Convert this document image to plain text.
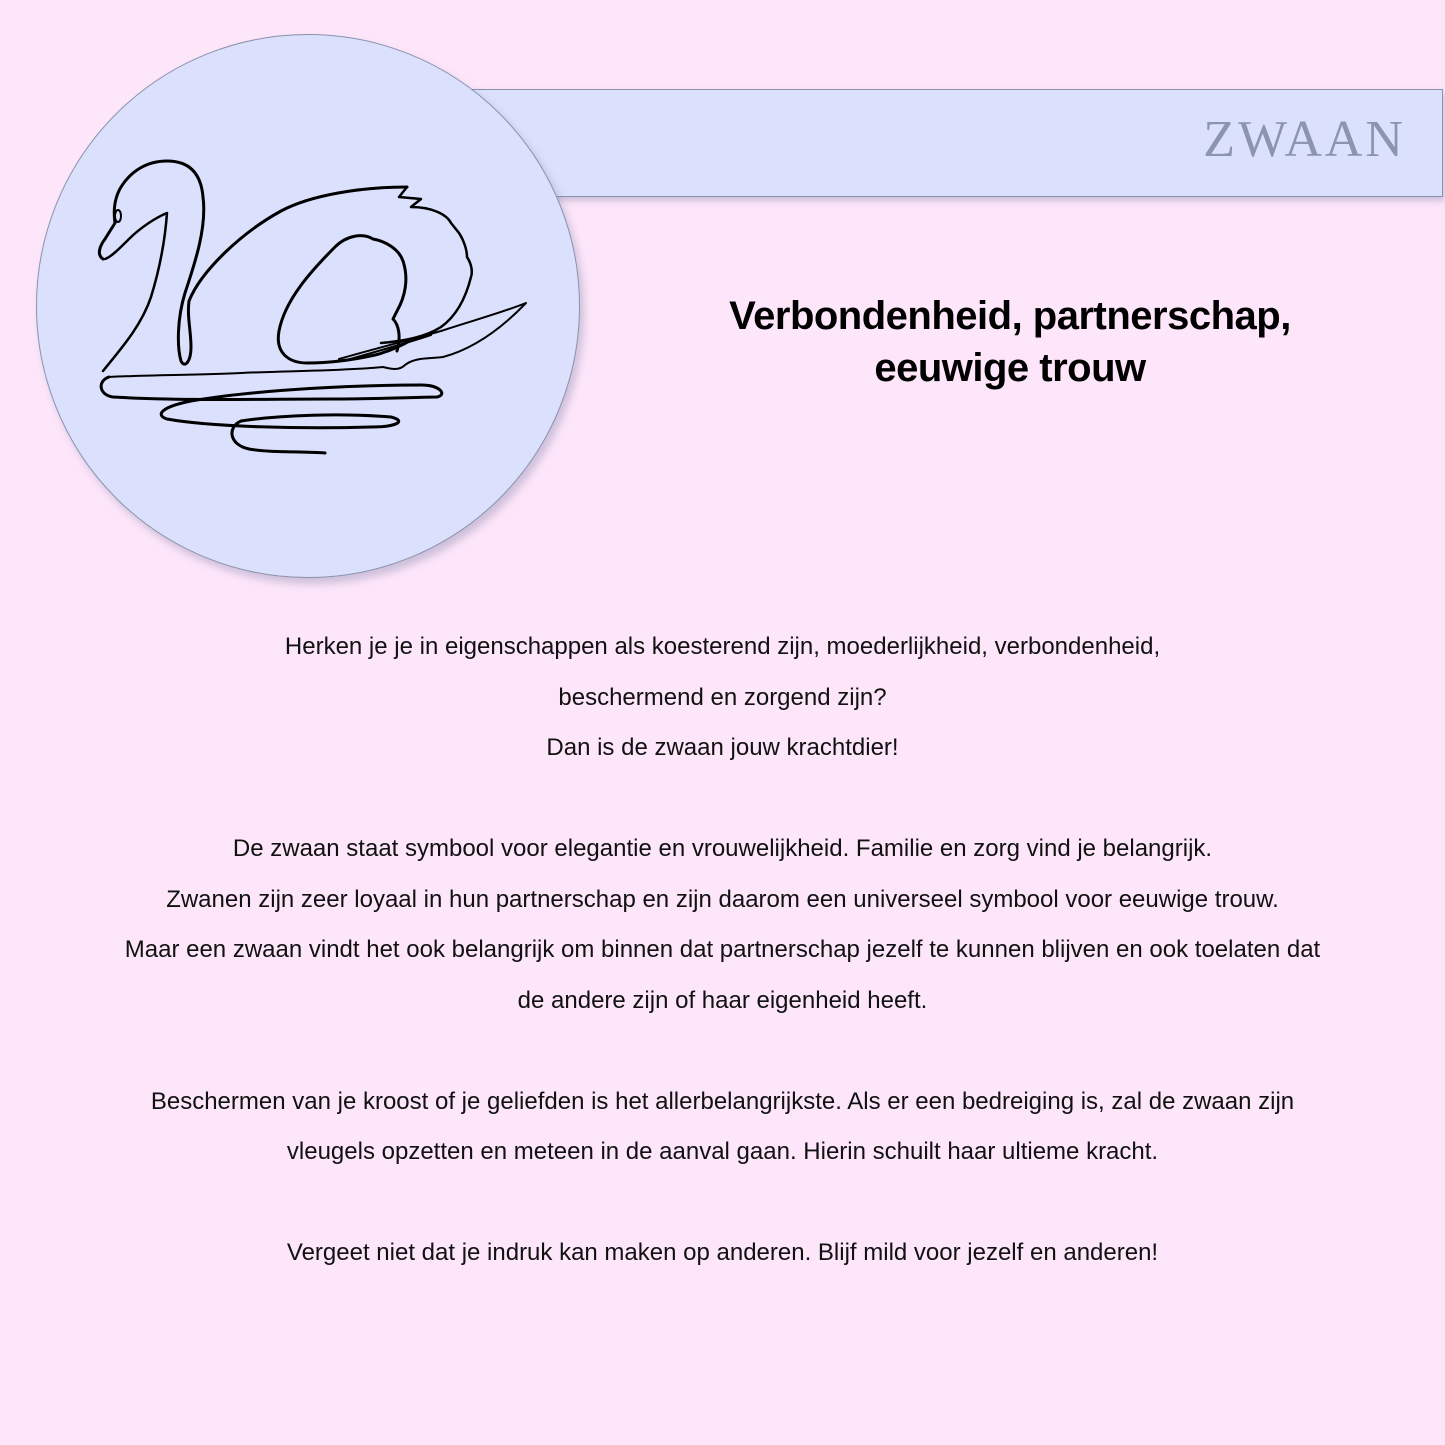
ZWAAN
Verbondenheid, partnerschap,
eeuwige trouw
Herken je je in eigenschappen als koesterend zijn, moederlijkheid, verbondenheid,
beschermend en zorgend zijn?
Dan is de zwaan jouw krachtdier!
De zwaan staat symbool voor elegantie en vrouwelijkheid. Familie en zorg vind je belangrijk.
Zwanen zijn zeer loyaal in hun partnerschap en zijn daarom een universeel symbool voor eeuwige trouw.
Maar een zwaan vindt het ook belangrijk om binnen dat partnerschap jezelf te kunnen blijven en ook toelaten dat
de andere zijn of haar eigenheid heeft.
Beschermen van je kroost of je geliefden is het allerbelangrijkste. Als er een bedreiging is, zal de zwaan zijn
vleugels opzetten en meteen in de aanval gaan. Hierin schuilt haar ultieme kracht.
Vergeet niet dat je indruk kan maken op anderen. Blijf mild voor jezelf en anderen!
